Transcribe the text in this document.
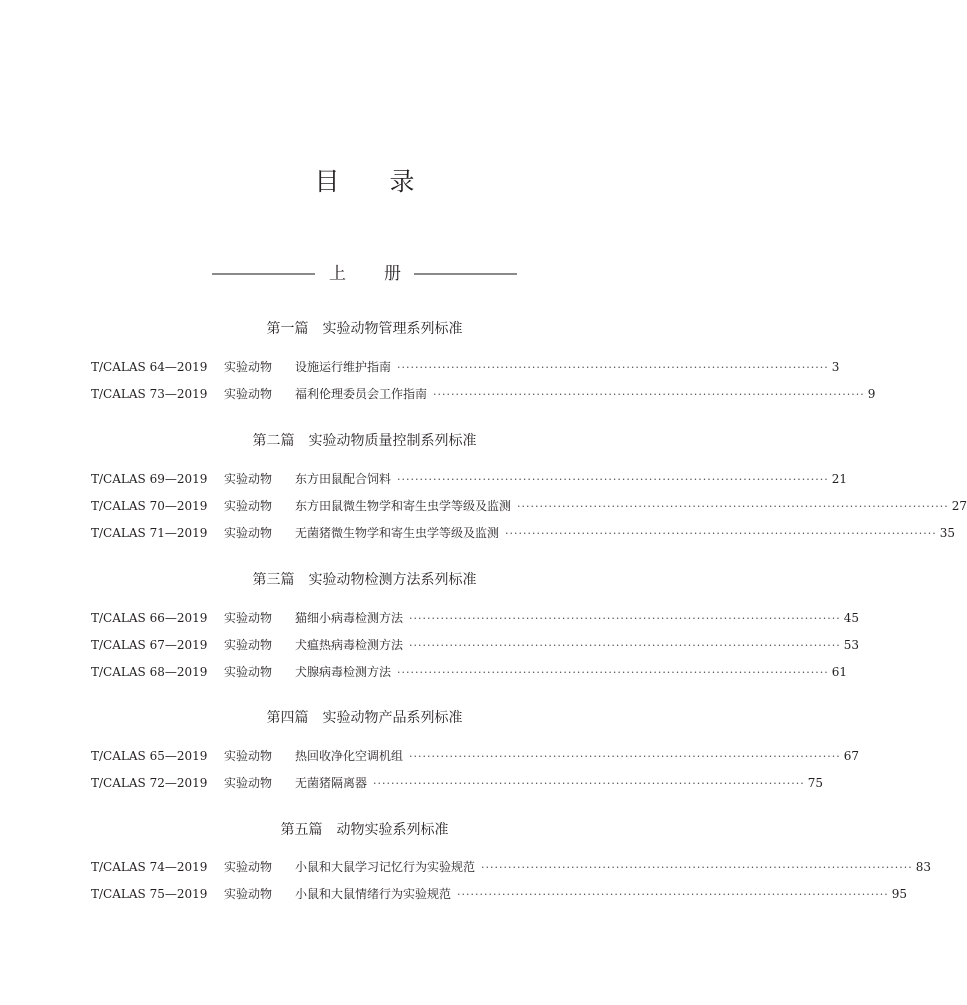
目 录
上 册
第一篇　实验动物管理系列标准
T/CALAS 64—2019	实验动物	设施运行维护指南 ································································································ 3
T/CALAS 73—2019	实验动物	福利伦理委员会工作指南 ································································································ 9
第二篇　实验动物质量控制系列标准
T/CALAS 69—2019	实验动物	东方田鼠配合饲料 ································································································ 21
T/CALAS 70—2019	实验动物	东方田鼠微生物学和寄生虫学等级及监测 ································································································ 27
T/CALAS 71—2019	实验动物	无菌猪微生物学和寄生虫学等级及监测 ································································································ 35
第三篇　实验动物检测方法系列标准
T/CALAS 66—2019	实验动物	猫细小病毒检测方法 ································································································ 45
T/CALAS 67—2019	实验动物	犬瘟热病毒检测方法 ································································································ 53
T/CALAS 68—2019	实验动物	犬腺病毒检测方法 ································································································ 61
第四篇　实验动物产品系列标准
T/CALAS 65—2019	实验动物	热回收净化空调机组 ································································································ 67
T/CALAS 72—2019	实验动物	无菌猪隔离器 ································································································ 75
第五篇　动物实验系列标准
T/CALAS 74—2019	实验动物	小鼠和大鼠学习记忆行为实验规范 ································································································ 83
T/CALAS 75—2019	实验动物	小鼠和大鼠情绪行为实验规范 ································································································ 95
